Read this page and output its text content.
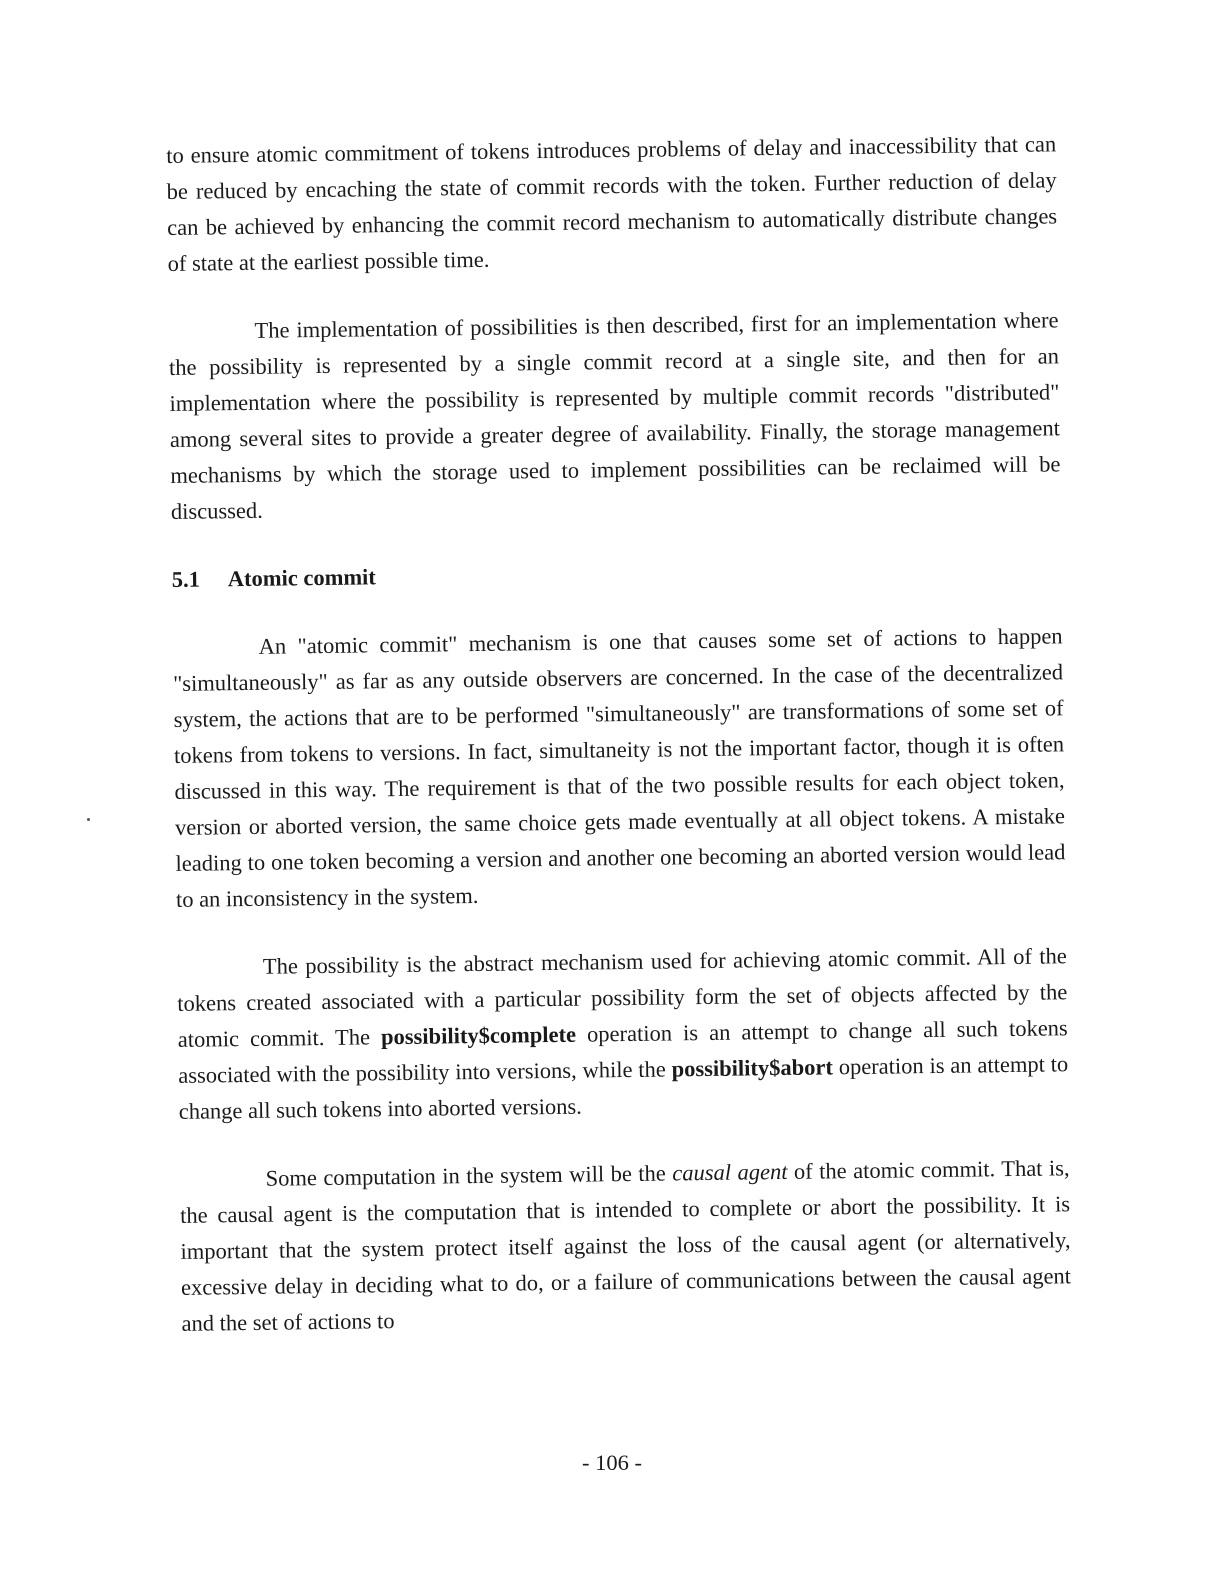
to ensure atomic commitment of tokens introduces problems of delay and inaccessibility that can be reduced by encaching the state of commit records with the token. Further reduction of delay can be achieved by enhancing the commit record mechanism to automatically distribute changes of state at the earliest possible time.

The implementation of possibilities is then described, first for an implementation where the possibility is represented by a single commit record at a single site, and then for an implementation where the possibility is represented by multiple commit records "distributed" among several sites to provide a greater degree of availability. Finally, the storage management mechanisms by which the storage used to implement possibilities can be reclaimed will be discussed.

5.1 Atomic commit

An "atomic commit" mechanism is one that causes some set of actions to happen "simultaneously" as far as any outside observers are concerned. In the case of the decentralized system, the actions that are to be performed "simultaneously" are transformations of some set of tokens from tokens to versions. In fact, simultaneity is not the important factor, though it is often discussed in this way. The requirement is that of the two possible results for each object token, version or aborted version, the same choice gets made eventually at all object tokens. A mistake leading to one token becoming a version and another one becoming an aborted version would lead to an inconsistency in the system.

The possibility is the abstract mechanism used for achieving atomic commit. All of the tokens created associated with a particular possibility form the set of objects affected by the atomic commit. The possibility$complete operation is an attempt to change all such tokens associated with the possibility into versions, while the possibility$abort operation is an attempt to change all such tokens into aborted versions.

Some computation in the system will be the causal agent of the atomic commit. That is, the causal agent is the computation that is intended to complete or abort the possibility. It is important that the system protect itself against the loss of the causal agent (or alternatively, excessive delay in deciding what to do, or a failure of communications between the causal agent and the set of actions to

- 106 -
